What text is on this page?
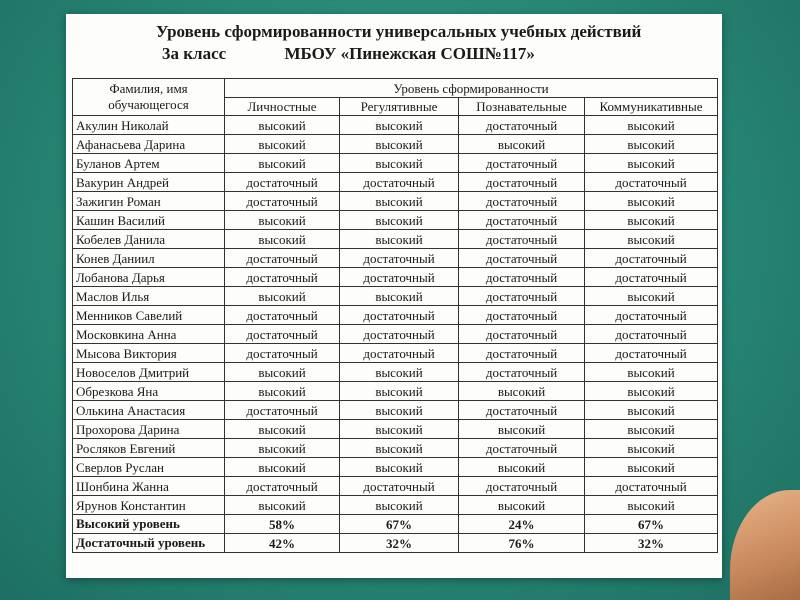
Уровень сформированности универсальных учебных действий
3а класс	МБОУ «Пинежская СОШ№117»
Фамилия, имя обучающегося	Уровень сформированности			
	Личностные	Регулятивные	Познавательные	Коммуникативные
Акулин Николай	высокий	высокий	достаточный	высокий
Афанасьева Дарина	высокий	высокий	высокий	высокий
Буланов Артем	высокий	высокий	достаточный	высокий
Вакурин Андрей	достаточный	достаточный	достаточный	достаточный
Зажигин Роман	достаточный	высокий	достаточный	высокий
Кашин Василий	высокий	высокий	достаточный	высокий
Кобелев Данила	высокий	высокий	достаточный	высокий
Конев Даниил	достаточный	достаточный	достаточный	достаточный
Лобанова Дарья	достаточный	достаточный	достаточный	достаточный
Маслов Илья	высокий	высокий	достаточный	высокий
Менников Савелий	достаточный	достаточный	достаточный	достаточный
Московкина Анна	достаточный	достаточный	достаточный	достаточный
Мысова Виктория	достаточный	достаточный	достаточный	достаточный
Новоселов Дмитрий	высокий	высокий	достаточный	высокий
Обрезкова Яна	высокий	высокий	высокий	высокий
Олькина Анастасия	достаточный	высокий	достаточный	высокий
Прохорова Дарина	высокий	высокий	высокий	высокий
Росляков Евгений	высокий	высокий	достаточный	высокий
Сверлов Руслан	высокий	высокий	высокий	высокий
Шонбина Жанна	достаточный	достаточный	достаточный	достаточный
Ярунов Константин	высокий	высокий	высокий	высокий
Высокий уровень	58%	67%	24%	67%
Достаточный уровень	42%	32%	76%	32%
